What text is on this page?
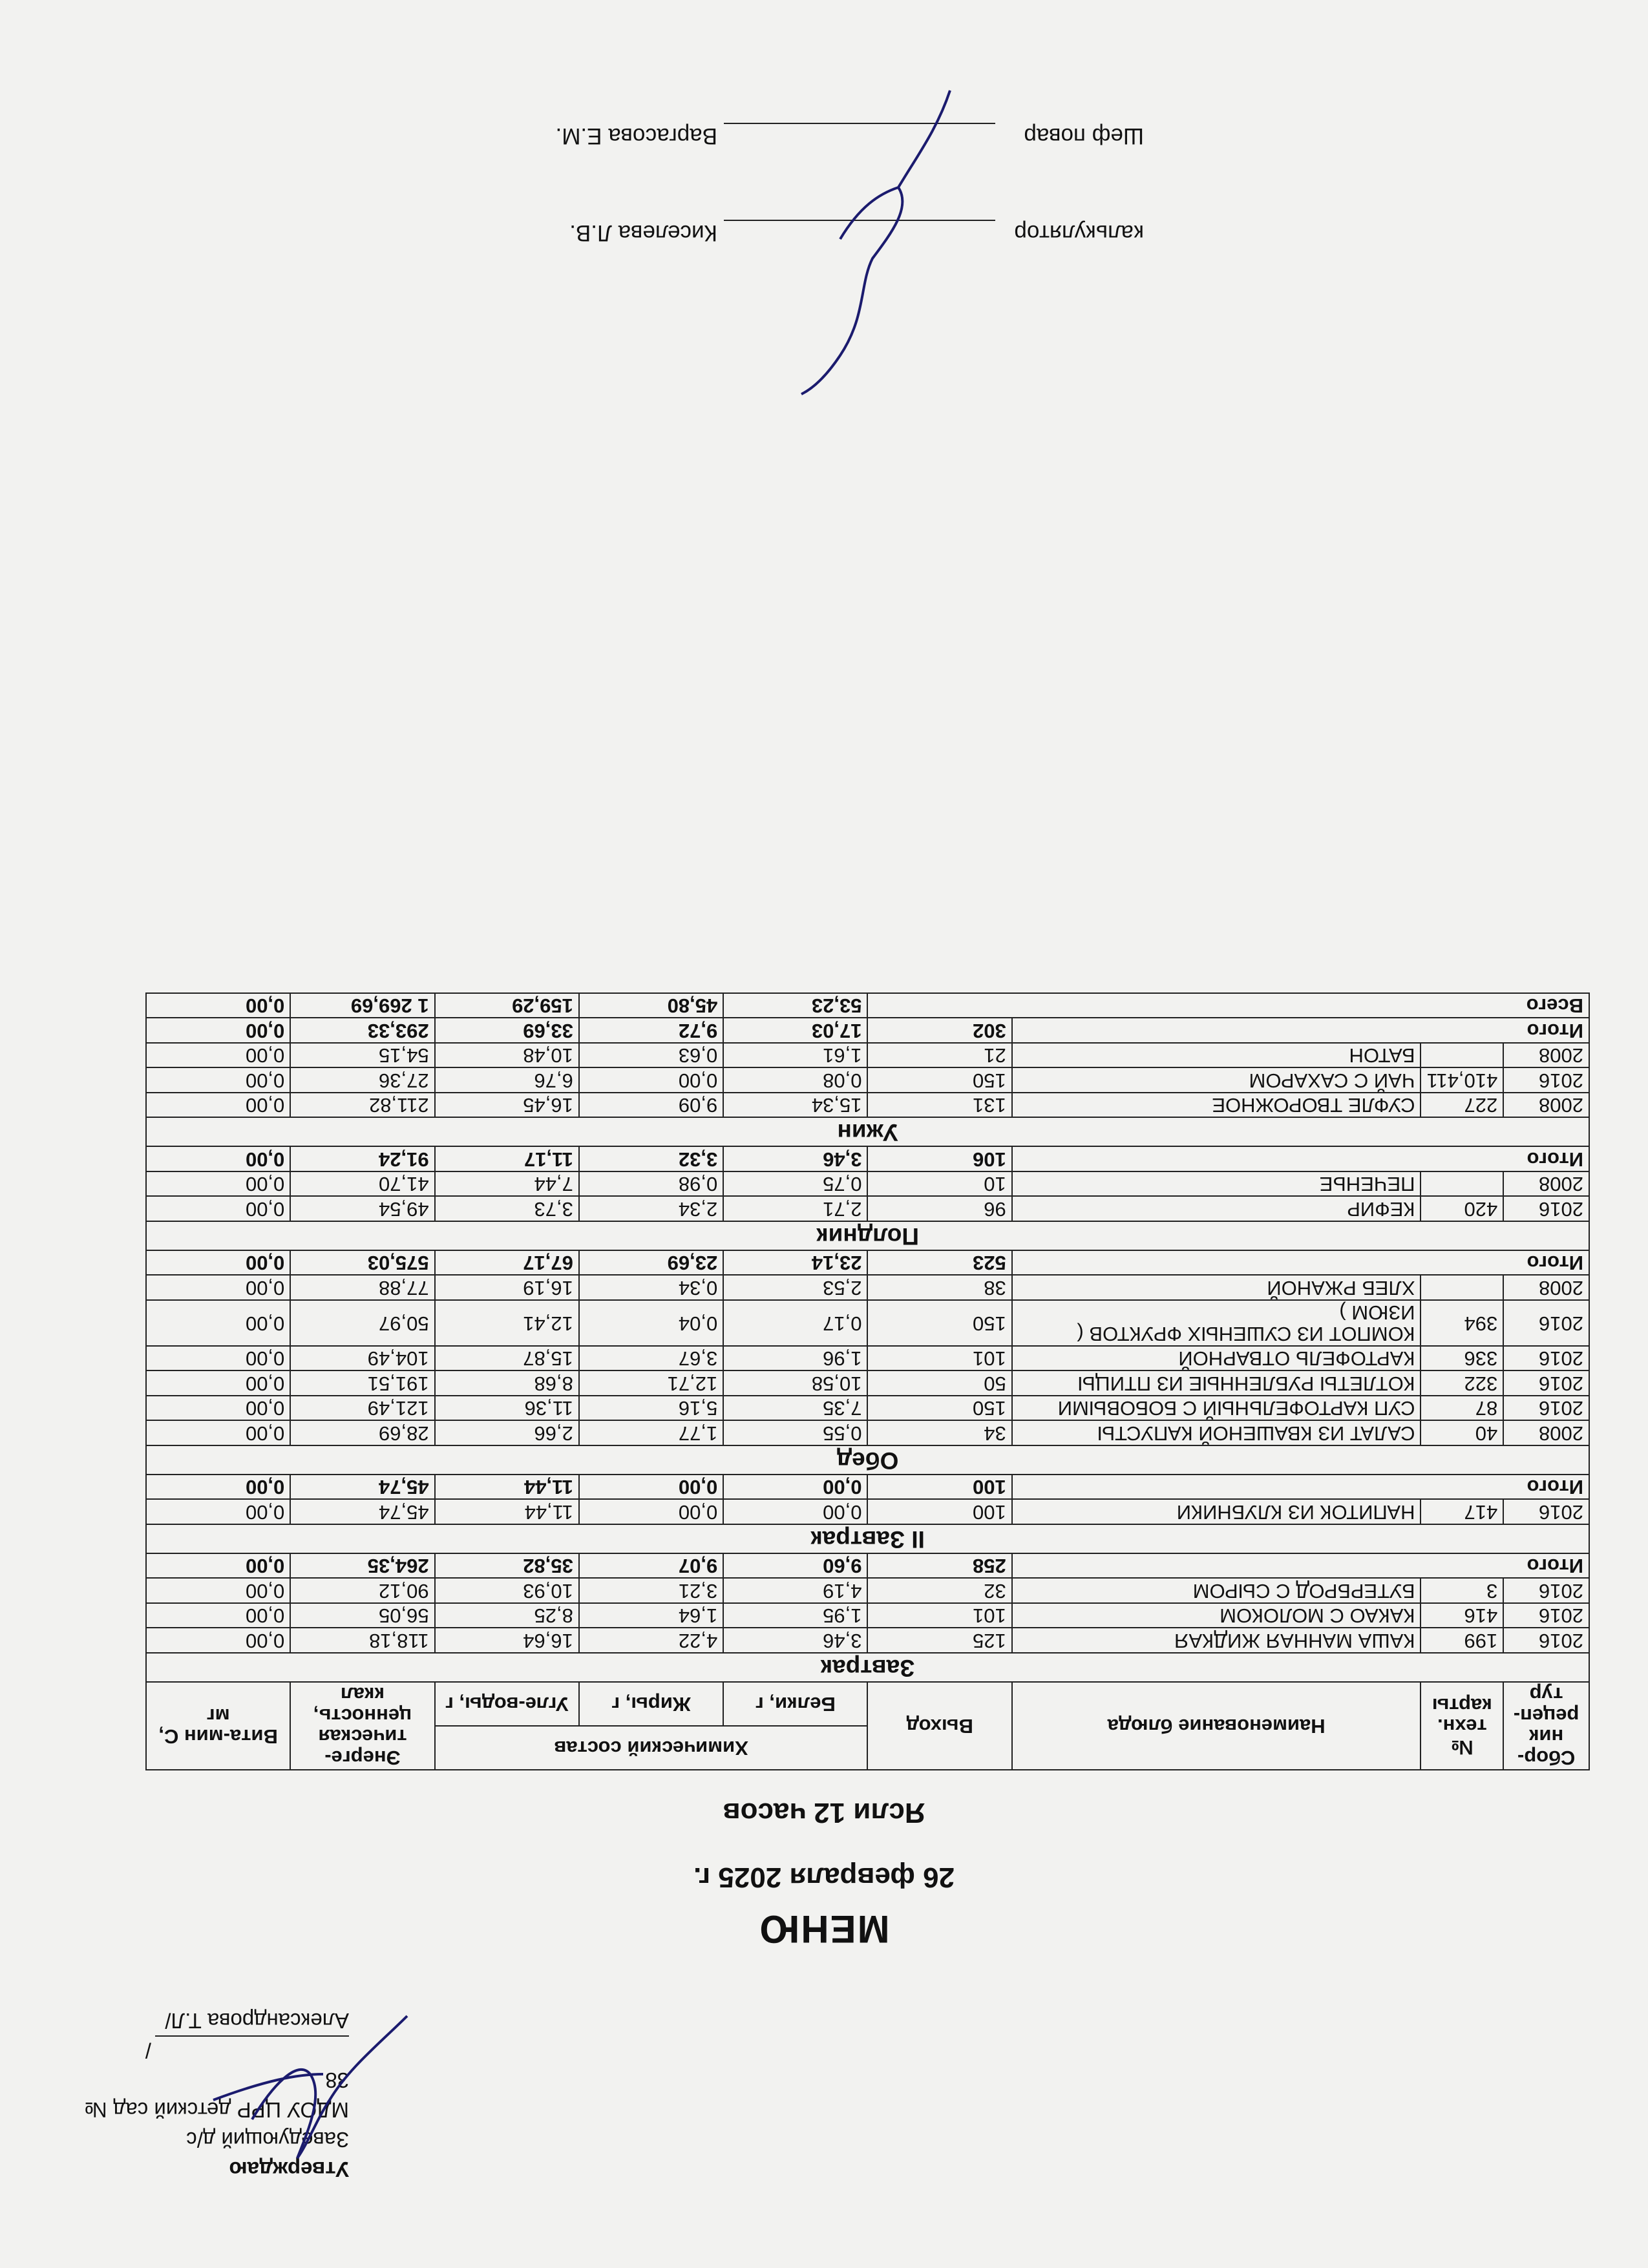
Утверждаю
Заведующий д/с
МДОУ ЦРР детский сад № 38
/Александрова Т.Л/
МЕНЮ
26 февраля 2025 г.
Ясли 12 часов
Сбор-ник рецеп-тур	№ техн. карты	Наименование блюда	Выход	Химический состав			Энерге-тическая ценность, ккал	Вита-мин С, мг
				Белки, г	Жиры, г	Угле-воды, г		
Завтрак								
2016	199	КАША МАННАЯ ЖИДКАЯ	125	3,46	4,22	16,64	118,18	0,00
2016	416	КАКАО С МОЛОКОМ	101	1,95	1,64	8,25	56,05	0,00
2016	3	БУТЕРБРОД С СЫРОМ	32	4,19	3,21	10,93	90,12	0,00
Итого			258	9,60	9,07	35,82	264,35	0,00
II Завтрак								
2016	417	НАПИТОК ИЗ КЛУБНИКИ	100	0,00	0,00	11,44	45,74	0,00
Итого			100	0,00	0,00	11,44	45,74	0,00
Обед								
2008	40	САЛАТ ИЗ КВАШЕНОЙ КАПУСТЫ	34	0,55	1,77	2,66	28,69	0,00
2016	87	СУП КАРТОФЕЛЬНЫЙ С БОБОВЫМИ	150	7,35	5,16	11,36	121,49	0,00
2016	322	КОТЛЕТЫ РУБЛЕННЫЕ ИЗ ПТИЦЫ	50	10,58	12,71	8,68	191,51	0,00
2016	336	КАРТОФЕЛЬ ОТВАРНОЙ	101	1,96	3,67	15,87	104,49	0,00
2016	394	КОМПОТ ИЗ СУШЕНЫХ ФРУКТОВ ( ИЗЮМ )	150	0,17	0,04	12,41	50,97	0,00
2008		ХЛЕБ РЖАНОЙ	38	2,53	0,34	16,19	77,88	0,00
Итого			523	23,14	23,69	67,17	575,03	0,00
Полдник								
2016	420	КЕФИР	96	2,71	2,34	3,73	49,54	0,00
2008		ПЕЧЕНЬЕ	10	0,75	0,98	7,44	41,70	0,00
Итого			106	3,46	3,32	11,17	91,24	0,00
Ужин								
2008	227	СУФЛЕ ТВОРОЖНОЕ	131	15,34	9,09	16,45	211,82	0,00
2016	410,411	ЧАЙ С САХАРОМ	150	0,08	0,00	6,76	27,36	0,00
2008		БАТОН	21	1,61	0,63	10,48	54,15	0,00
Итого			302	17,03	9,72	33,69	293,33	0,00
Всего				53,23	45,80	159,29	1 269,69	0,00
калькулятор
Киселева Л.В.
Шеф повар
Варгасова Е.М.
